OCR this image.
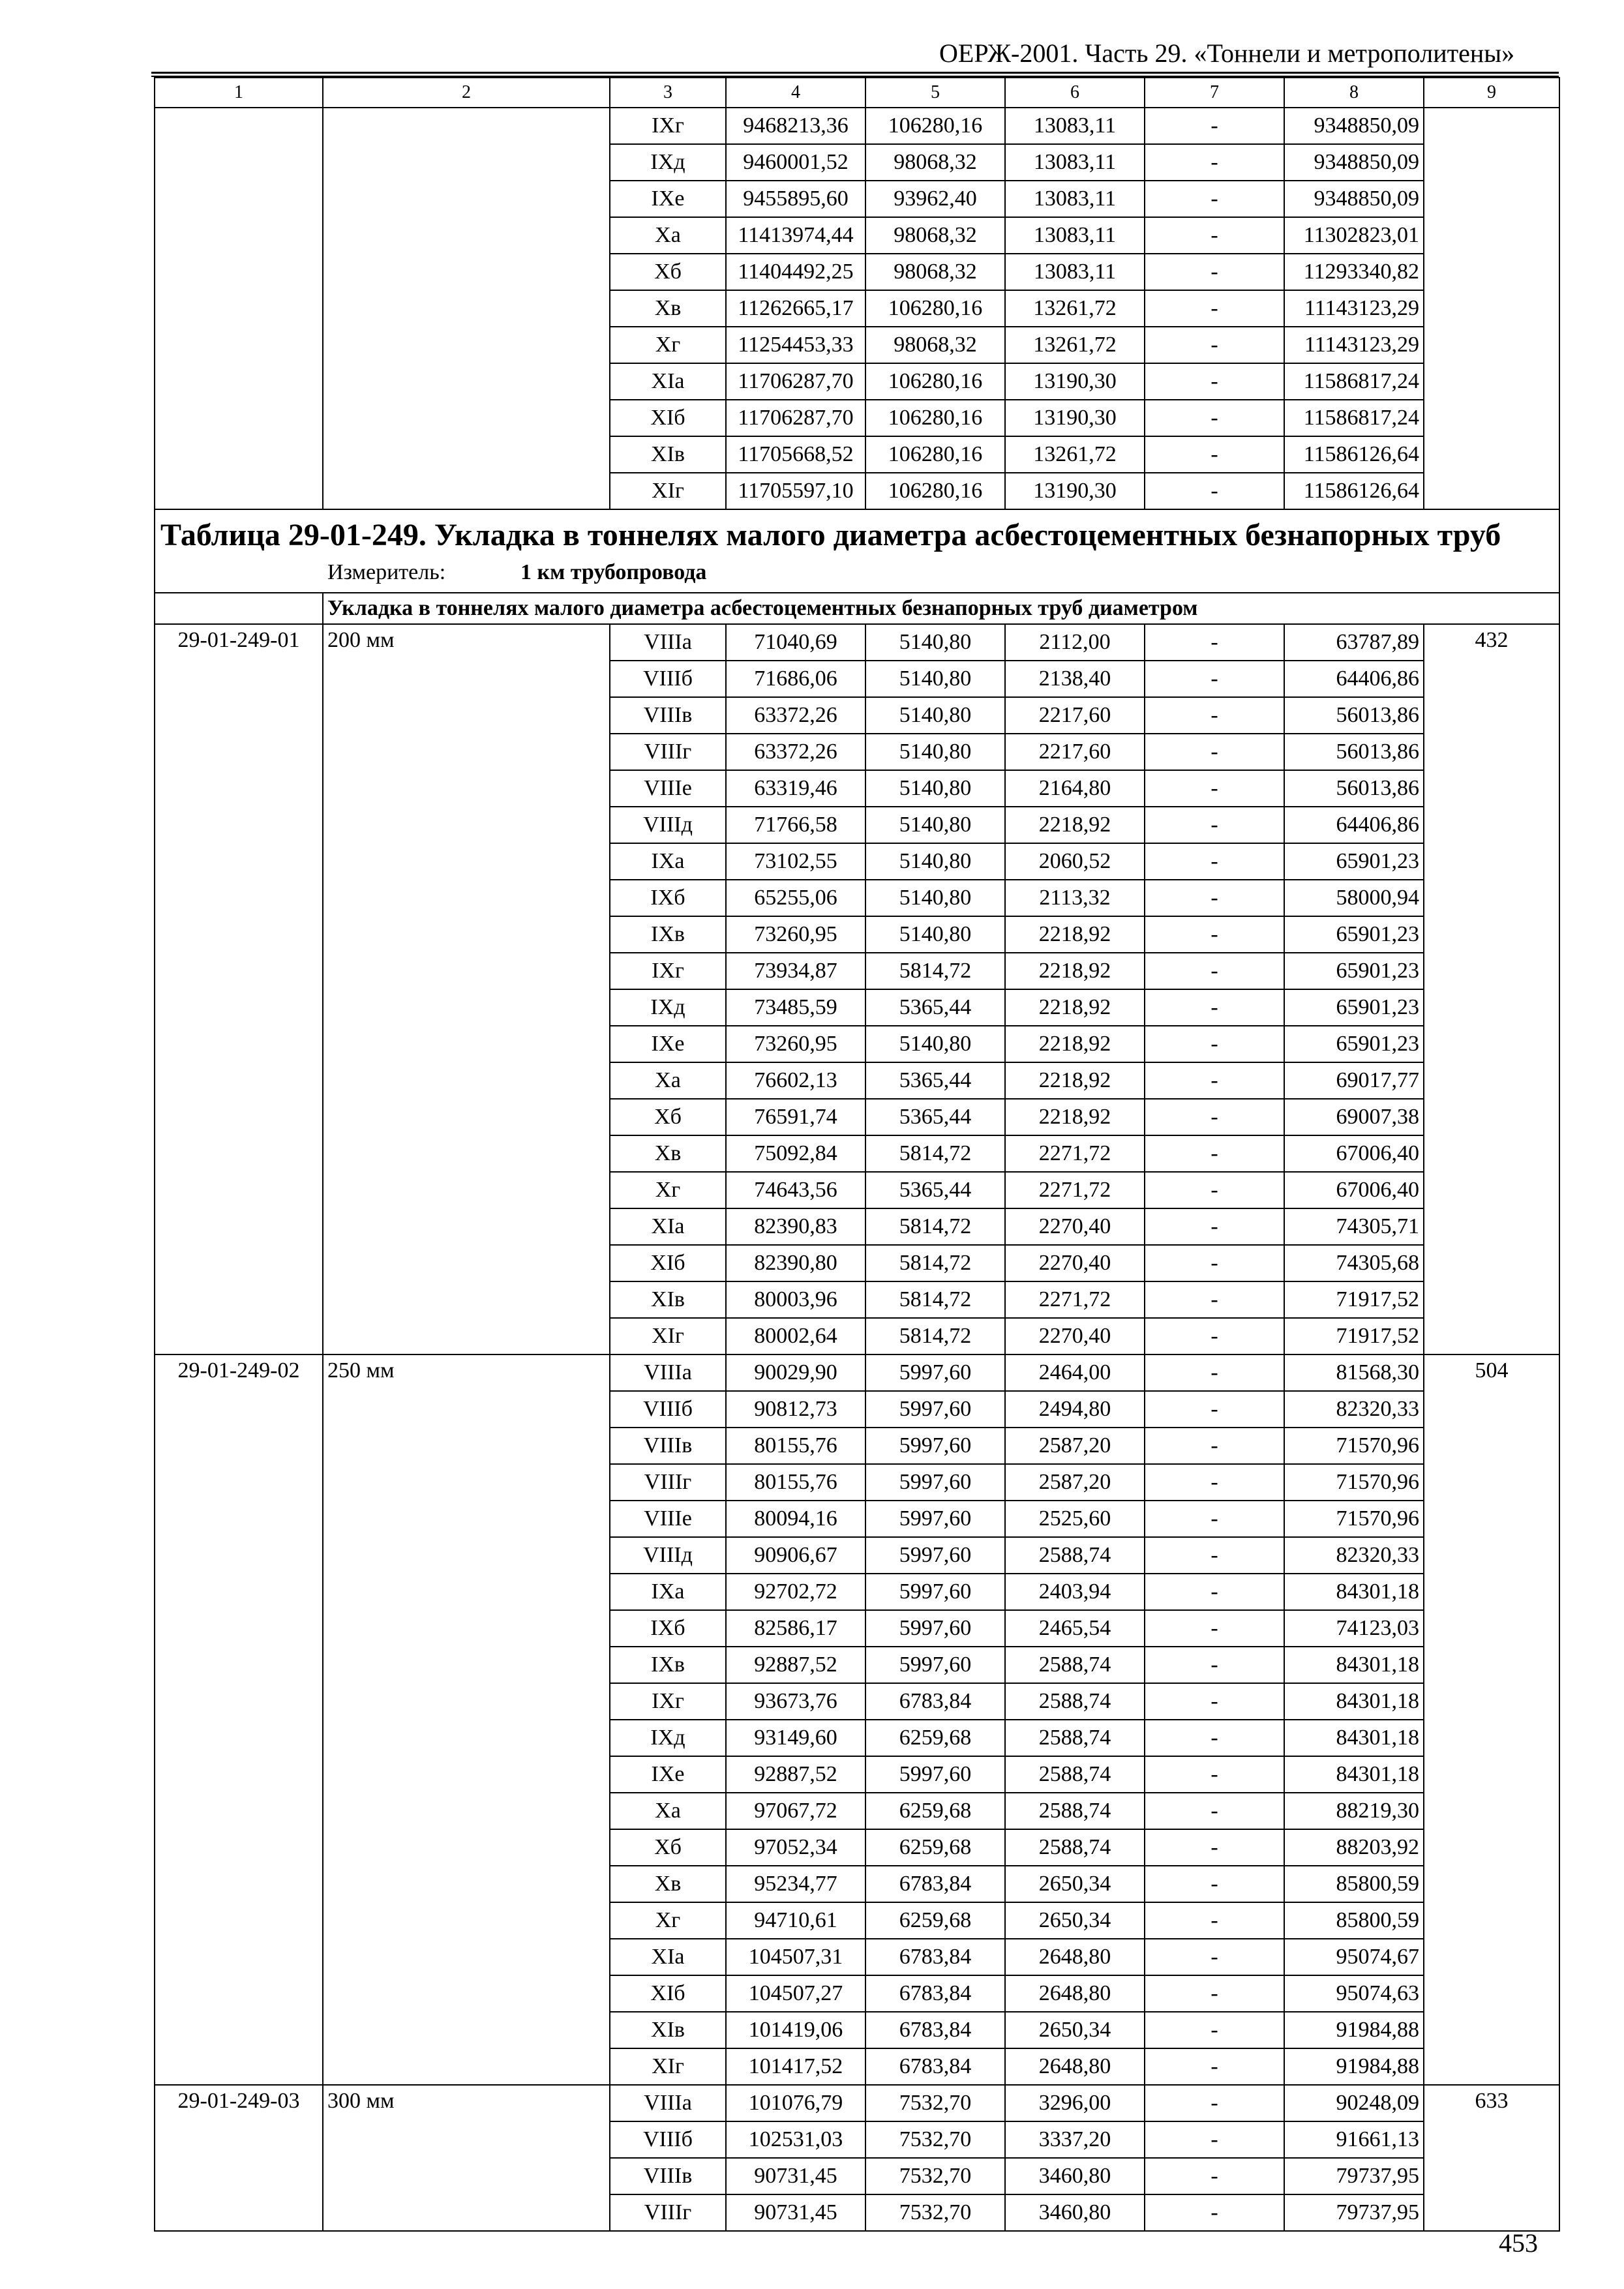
ОЕРЖ-2001. Часть 29. «Тоннели и метрополитены»
1	2	3	4	5	6	7	8	9
		IXг	9468213,36	106280,16	13083,11	-	9348850,09	
		IXд	9460001,52	98068,32	13083,11	-	9348850,09	
		IXе	9455895,60	93962,40	13083,11	-	9348850,09	
		Xа	11413974,44	98068,32	13083,11	-	11302823,01	
		Xб	11404492,25	98068,32	13083,11	-	11293340,82	
		Xв	11262665,17	106280,16	13261,72	-	11143123,29	
		Xг	11254453,33	98068,32	13261,72	-	11143123,29	
		XIа	11706287,70	106280,16	13190,30	-	11586817,24	
		XIб	11706287,70	106280,16	13190,30	-	11586817,24	
		XIв	11705668,52	106280,16	13261,72	-	11586126,64	
		XIг	11705597,10	106280,16	13190,30	-	11586126,64	

Таблица 29-01-249. Укладка в тоннелях малого диаметра асбестоцементных безнапорных труб
Измеритель: 1 км трубопровода								

	Укладка в тоннелях малого диаметра асбестоцементных безнапорных труб диаметром							
29-01-249-01	200 мм	VIIIа	71040,69	5140,80	2112,00	-	63787,89	432
		VIIIб	71686,06	5140,80	2138,40	-	64406,86	
		VIIIв	63372,26	5140,80	2217,60	-	56013,86	
		VIIIг	63372,26	5140,80	2217,60	-	56013,86	
		VIIIе	63319,46	5140,80	2164,80	-	56013,86	
		VIIIд	71766,58	5140,80	2218,92	-	64406,86	
		IXа	73102,55	5140,80	2060,52	-	65901,23	
		IXб	65255,06	5140,80	2113,32	-	58000,94	
		IXв	73260,95	5140,80	2218,92	-	65901,23	
		IXг	73934,87	5814,72	2218,92	-	65901,23	
		IXд	73485,59	5365,44	2218,92	-	65901,23	
		IXе	73260,95	5140,80	2218,92	-	65901,23	
		Xа	76602,13	5365,44	2218,92	-	69017,77	
		Xб	76591,74	5365,44	2218,92	-	69007,38	
		Xв	75092,84	5814,72	2271,72	-	67006,40	
		Xг	74643,56	5365,44	2271,72	-	67006,40	
		XIа	82390,83	5814,72	2270,40	-	74305,71	
		XIб	82390,80	5814,72	2270,40	-	74305,68	
		XIв	80003,96	5814,72	2271,72	-	71917,52	
		XIг	80002,64	5814,72	2270,40	-	71917,52	
29-01-249-02	250 мм	VIIIа	90029,90	5997,60	2464,00	-	81568,30	504
		VIIIб	90812,73	5997,60	2494,80	-	82320,33	
		VIIIв	80155,76	5997,60	2587,20	-	71570,96	
		VIIIг	80155,76	5997,60	2587,20	-	71570,96	
		VIIIе	80094,16	5997,60	2525,60	-	71570,96	
		VIIIд	90906,67	5997,60	2588,74	-	82320,33	
		IXа	92702,72	5997,60	2403,94	-	84301,18	
		IXб	82586,17	5997,60	2465,54	-	74123,03	
		IXв	92887,52	5997,60	2588,74	-	84301,18	
		IXг	93673,76	6783,84	2588,74	-	84301,18	
		IXд	93149,60	6259,68	2588,74	-	84301,18	
		IXе	92887,52	5997,60	2588,74	-	84301,18	
		Xа	97067,72	6259,68	2588,74	-	88219,30	
		Xб	97052,34	6259,68	2588,74	-	88203,92	
		Xв	95234,77	6783,84	2650,34	-	85800,59	
		Xг	94710,61	6259,68	2650,34	-	85800,59	
		XIа	104507,31	6783,84	2648,80	-	95074,67	
		XIб	104507,27	6783,84	2648,80	-	95074,63	
		XIв	101419,06	6783,84	2650,34	-	91984,88	
		XIг	101417,52	6783,84	2648,80	-	91984,88	
29-01-249-03	300 мм	VIIIа	101076,79	7532,70	3296,00	-	90248,09	633
		VIIIб	102531,03	7532,70	3337,20	-	91661,13	
		VIIIв	90731,45	7532,70	3460,80	-	79737,95	
		VIIIг	90731,45	7532,70	3460,80	-	79737,95	
453
